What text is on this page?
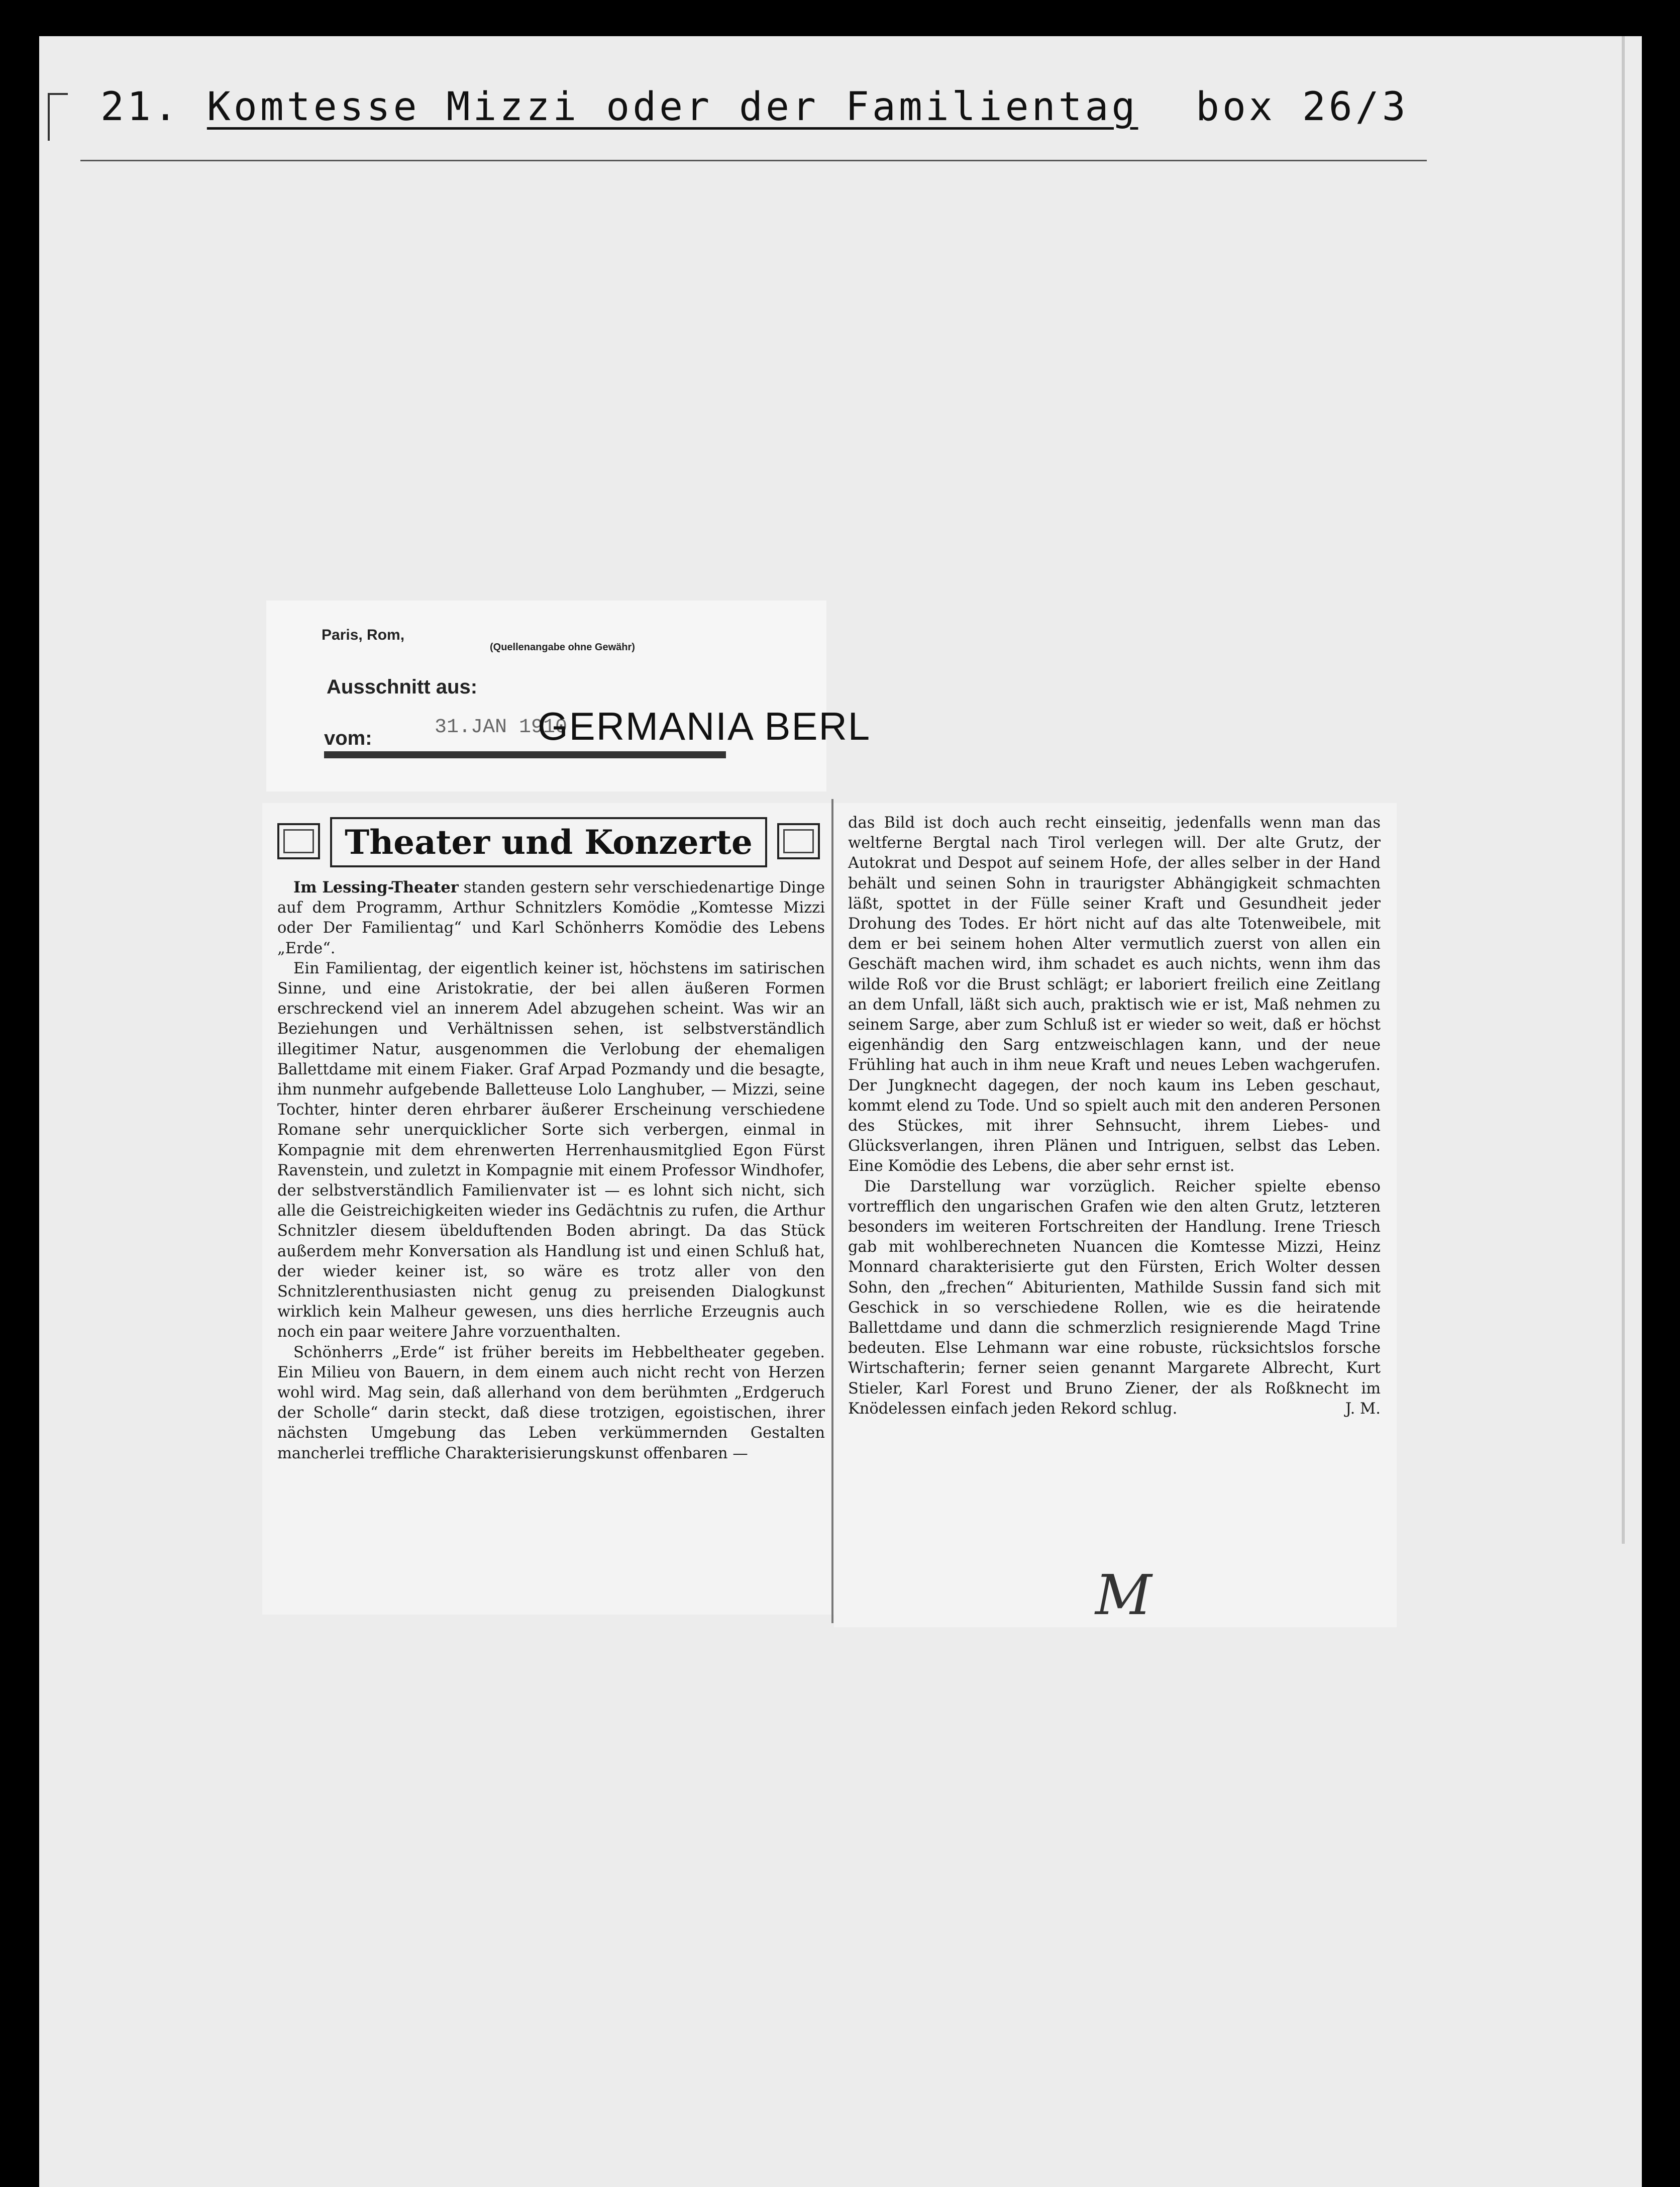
21. Komtesse Mizzi oder der Familientag box 26/3
Paris, Rom,
(Quellenangabe ohne Gewähr)
Ausschnitt aus:
vom:	31.JAN 1910
GERMANIA BERL
Theater und Konzerte

Im Lessing-Theater standen gestern sehr verschiedenartige Dinge auf dem Programm, Arthur Schnitzlers Komödie „Komtesse Mizzi oder Der Familientag“ und Karl Schönherrs Komödie des Lebens „Erde“.

Ein Familientag, der eigentlich keiner ist, höchstens im satirischen Sinne, und eine Aristokratie, der bei allen äußeren Formen erschreckend viel an innerem Adel abzugehen scheint. Was wir an Beziehungen und Verhältnissen sehen, ist selbstverständlich illegitimer Natur, ausgenommen die Verlobung der ehemaligen Ballettdame mit einem Fiaker. Graf Arpad Pozmandy und die besagte, ihm nunmehr aufgebende Balletteuse Lolo Langhuber, — Mizzi, seine Tochter, hinter deren ehrbarer äußerer Erscheinung verschiedene Romane sehr unerquicklicher Sorte sich verbergen, einmal in Kompagnie mit dem ehrenwerten Herrenhausmitglied Egon Fürst Ravenstein, und zuletzt in Kompagnie mit einem Professor Windhofer, der selbstverständlich Familienvater ist — es lohnt sich nicht, sich alle die Geistreichigkeiten wieder ins Gedächtnis zu rufen, die Arthur Schnitzler diesem übelduftenden Boden abringt. Da das Stück außerdem mehr Konversation als Handlung ist und einen Schluß hat, der wieder keiner ist, so wäre es trotz aller von den Schnitzlerenthusiasten nicht genug zu preisenden Dialogkunst wirklich kein Malheur gewesen, uns dies herrliche Erzeugnis auch noch ein paar weitere Jahre vorzuenthalten.

Schönherrs „Erde“ ist früher bereits im Hebbeltheater gegeben. Ein Milieu von Bauern, in dem einem auch nicht recht von Herzen wohl wird. Mag sein, daß allerhand von dem berühmten „Erdgeruch der Scholle“ darin steckt, daß diese trotzigen, egoistischen, ihrer nächsten Umgebung das Leben verkümmernden Gestalten mancherlei treffliche Charakterisierungskunst offenbaren —

das Bild ist doch auch recht einseitig, jedenfalls wenn man das weltferne Bergtal nach Tirol verlegen will. Der alte Grutz, der Autokrat und Despot auf seinem Hofe, der alles selber in der Hand behält und seinen Sohn in traurigster Abhängigkeit schmachten läßt, spottet in der Fülle seiner Kraft und Gesundheit jeder Drohung des Todes. Er hört nicht auf das alte Totenweibele, mit dem er bei seinem hohen Alter vermutlich zuerst von allen ein Geschäft machen wird, ihm schadet es auch nichts, wenn ihm das wilde Roß vor die Brust schlägt; er laboriert freilich eine Zeitlang an dem Unfall, läßt sich auch, praktisch wie er ist, Maß nehmen zu seinem Sarge, aber zum Schluß ist er wieder so weit, daß er höchst eigenhändig den Sarg entzweischlagen kann, und der neue Frühling hat auch in ihm neue Kraft und neues Leben wachgerufen. Der Jungknecht dagegen, der noch kaum ins Leben geschaut, kommt elend zu Tode. Und so spielt auch mit den anderen Personen des Stückes, mit ihrer Sehnsucht, ihrem Liebes- und Glücksverlangen, ihren Plänen und Intriguen, selbst das Leben. Eine Komödie des Lebens, die aber sehr ernst ist.

Die Darstellung war vorzüglich. Reicher spielte ebenso vortrefflich den ungarischen Grafen wie den alten Grutz, letzteren besonders im weiteren Fortschreiten der Handlung. Irene Triesch gab mit wohlberechneten Nuancen die Komtesse Mizzi, Heinz Monnard charakterisierte gut den Fürsten, Erich Wolter dessen Sohn, den „frechen“ Abiturienten, Mathilde Sussin fand sich mit Geschick in so verschiedene Rollen, wie es die heiratende Ballettdame und dann die schmerzlich resignierende Magd Trine bedeuten. Else Lehmann war eine robuste, rücksichtslos forsche Wirtschafterin; ferner seien genannt Margarete Albrecht, Kurt Stieler, Karl Forest und Bruno Ziener, der als Roßknecht im Knödelessen einfach jeden Rekord schlug.	J. M.

M
